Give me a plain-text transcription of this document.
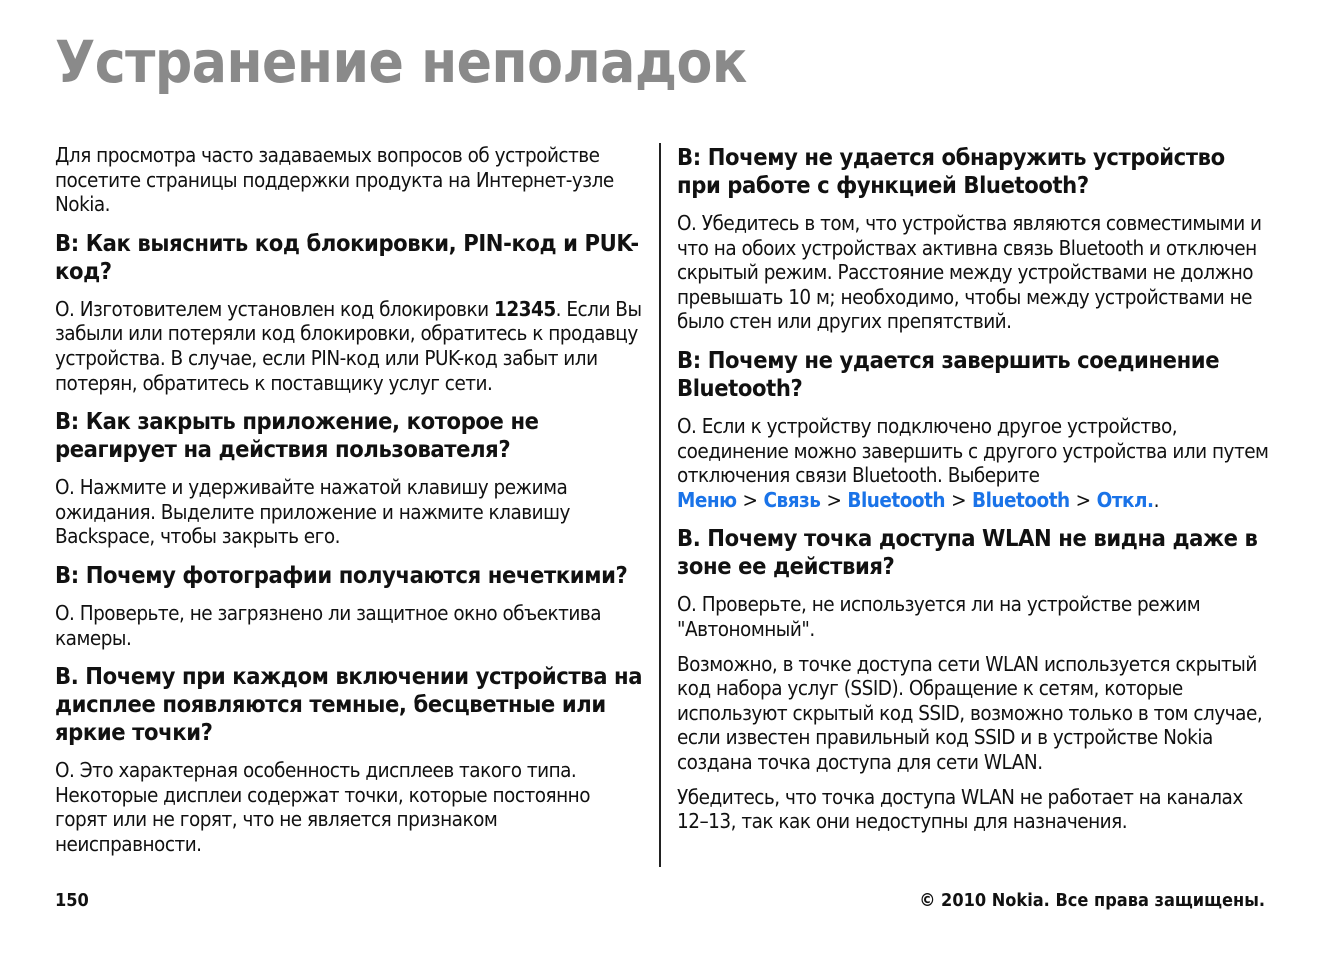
Устранение неполадок

Для просмотра часто задаваемых вопросов об устройстве посетите страницы поддержки продукта на Интернет-узле Nokia.

В: Как выяснить код блокировки, PIN-код и PUK-код?

О. Изготовителем установлен код блокировки 12345. Если Вы забыли или потеряли код блокировки, обратитесь к продавцу устройства. В случае, если PIN-код или PUK-код забыт или потерян, обратитесь к поставщику услуг сети.

В: Как закрыть приложение, которое не реагирует на действия пользователя?

О. Нажмите и удерживайте нажатой клавишу режима ожидания. Выделите приложение и нажмите клавишу Backspace, чтобы закрыть его.

В: Почему фотографии получаются нечеткими?

О. Проверьте, не загрязнено ли защитное окно объектива камеры.

В. Почему при каждом включении устройства на дисплее появляются темные, бесцветные или яркие точки?

О. Это характерная особенность дисплеев такого типа. Некоторые дисплеи содержат точки, которые постоянно горят или не горят, что не является признаком неисправности.

В: Почему не удается обнаружить устройство при работе с функцией Bluetooth?

О. Убедитесь в том, что устройства являются совместимыми и что на обоих устройствах активна связь Bluetooth и отключен скрытый режим. Расстояние между устройствами не должно превышать 10 м; необходимо, чтобы между устройствами не было стен или других препятствий.

В: Почему не удается завершить соединение Bluetooth?

О. Если к устройству подключено другое устройство, соединение можно завершить с другого устройства или путем отключения связи Bluetooth. Выберите Меню > Связь > Bluetooth > Bluetooth > Откл..

В. Почему точка доступа WLAN не видна даже в зоне ее действия?

О. Проверьте, не используется ли на устройстве режим "Автономный".

Возможно, в точке доступа сети WLAN используется скрытый код набора услуг (SSID). Обращение к сетям, которые используют скрытый код SSID, возможно только в том случае, если известен правильный код SSID и в устройстве Nokia создана точка доступа для сети WLAN.

Убедитесь, что точка доступа WLAN не работает на каналах 12–13, так как они недоступны для назначения.

150	© 2010 Nokia. Все права защищены.
